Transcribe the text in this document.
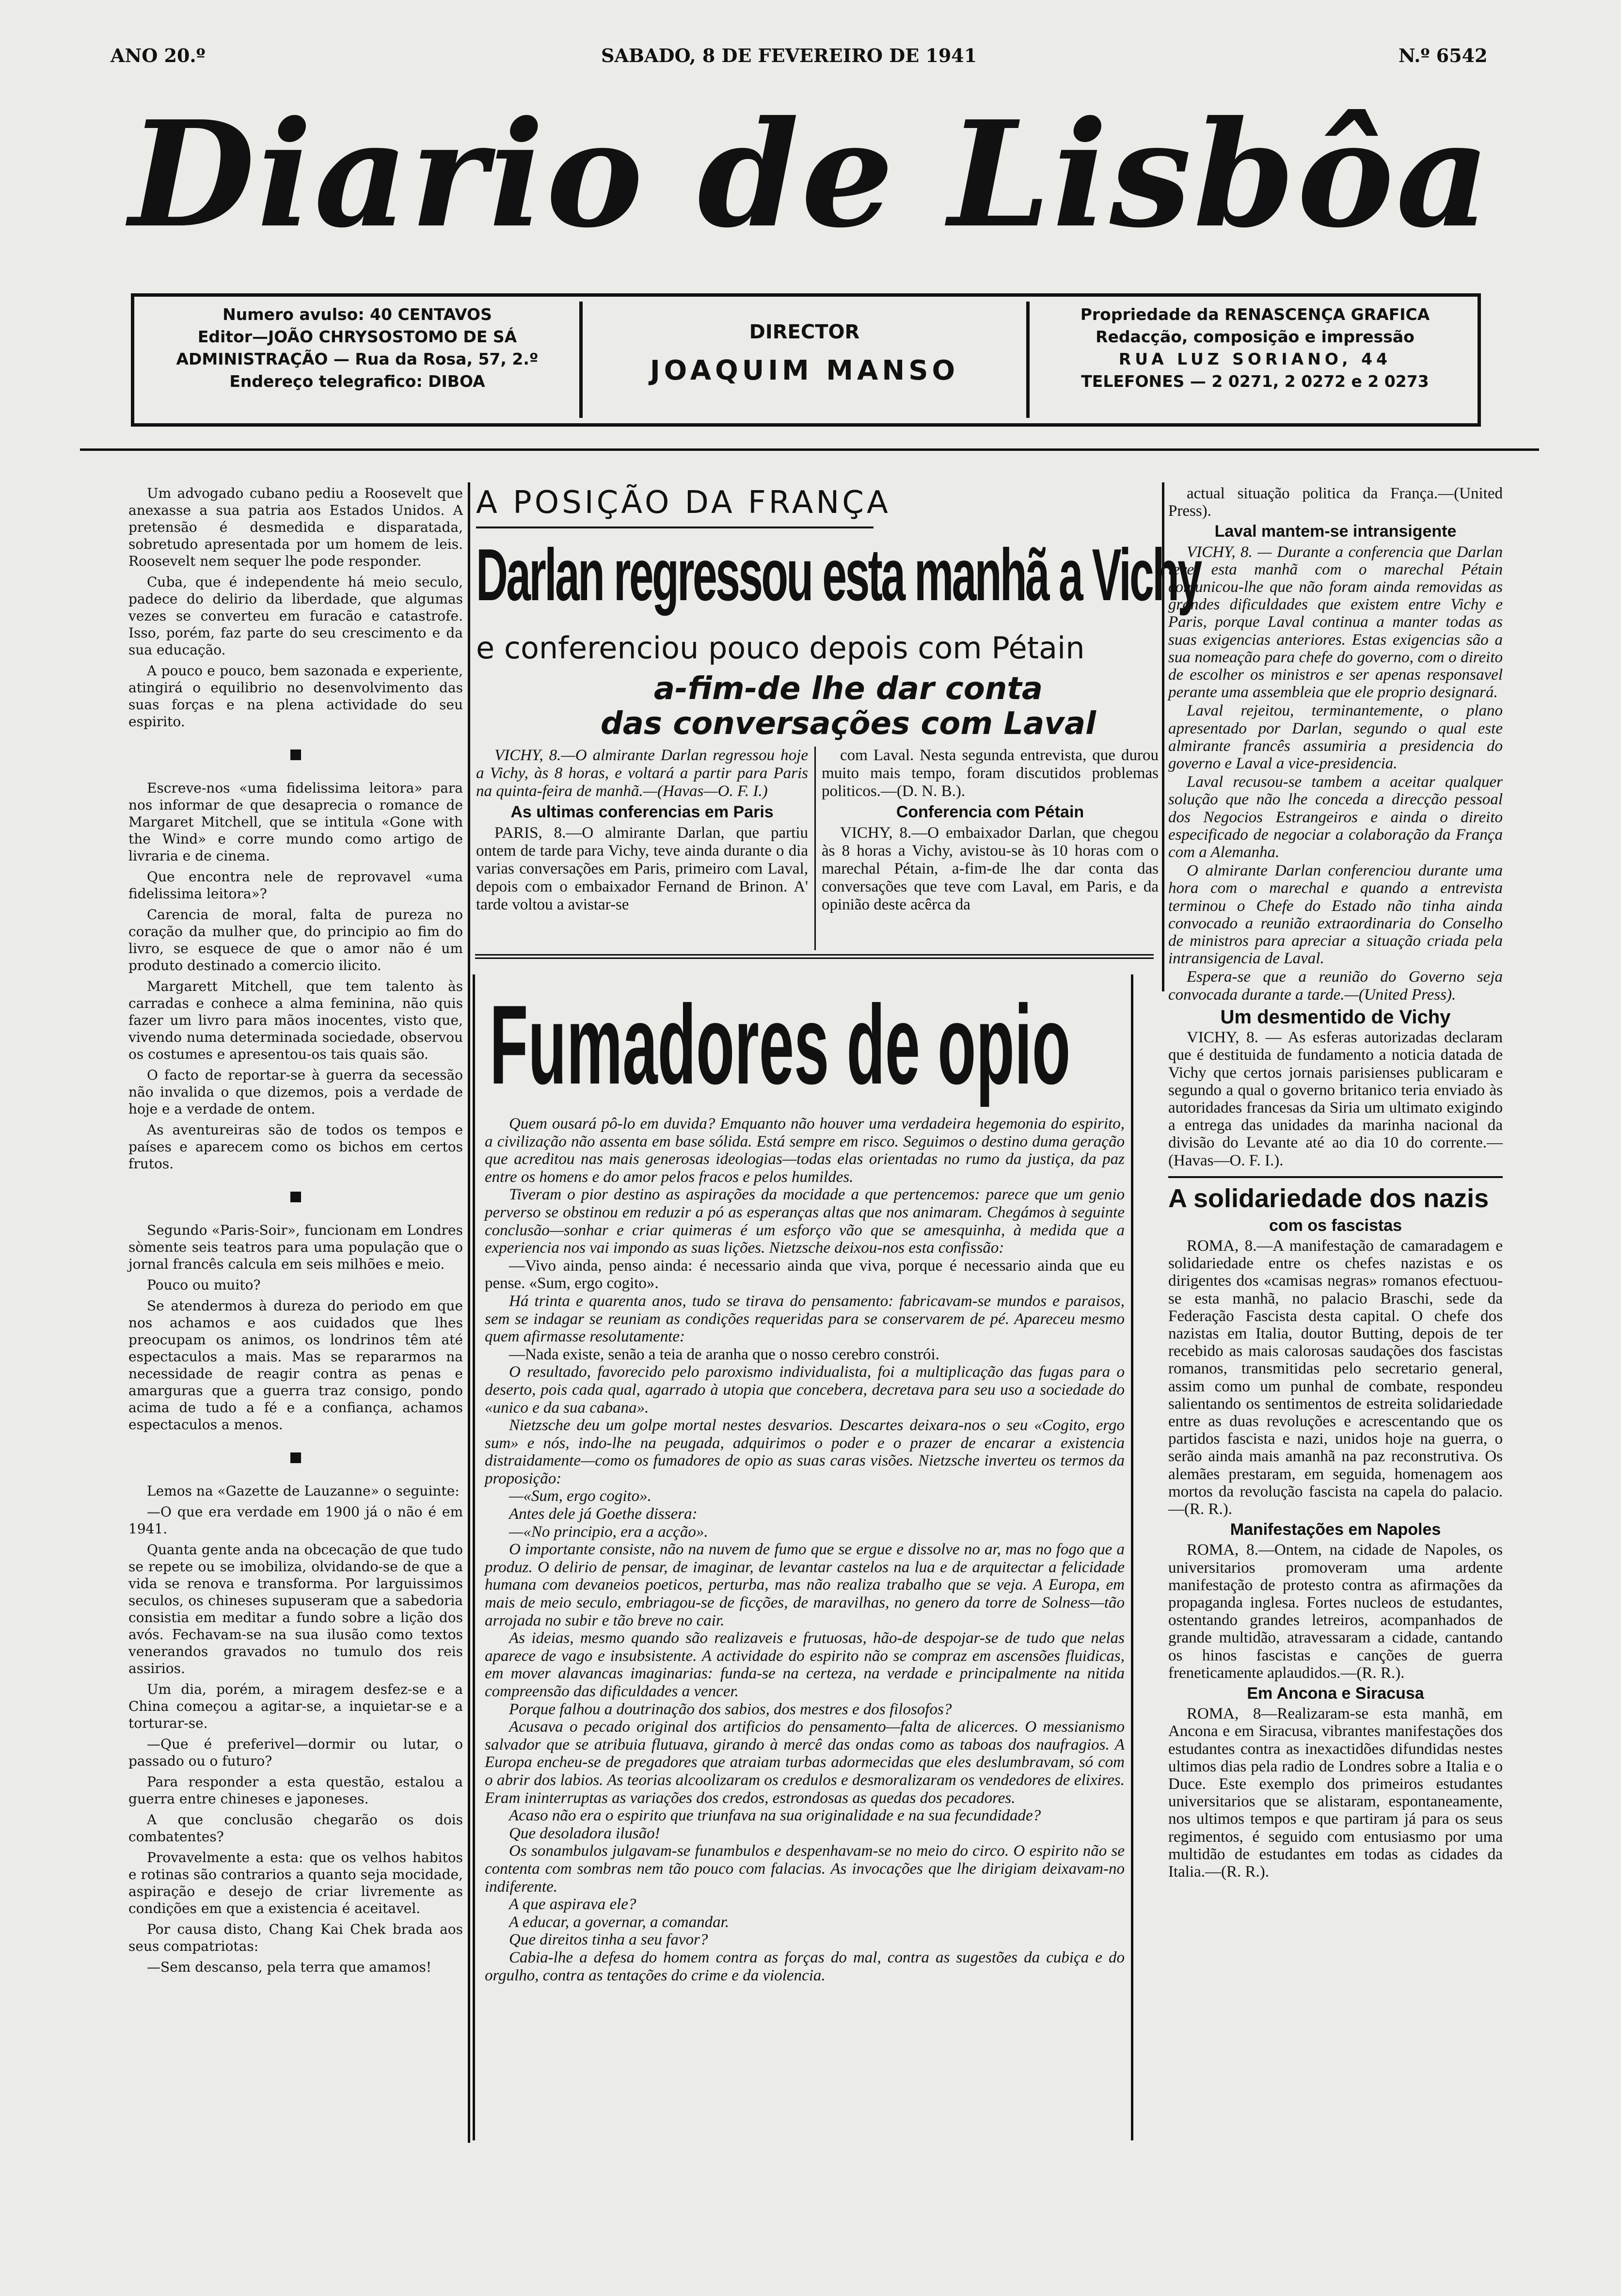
ANO 20.º	SABADO, 8 DE FEVEREIRO DE 1941	N.º 6542
Diario de Lisbôa
Numero avulso: 40 CENTAVOS
Editor—JOÃO CHRYSOSTOMO DE SÁ
ADMINISTRAÇÃO — Rua da Rosa, 57, 2.º
Endereço telegrafico: DIBOA
DIRECTOR
JOAQUIM MANSO
Propriedade da RENASCENÇA GRAFICA
Redacção, composição e impressão
RUA LUZ SORIANO, 44
TELEFONES — 2 0271, 2 0272 e 2 0273

Um advogado cubano pediu a Roosevelt que anexasse a sua patria aos Estados Unidos. A pretensão é desmedida e disparatada, sobretudo apresentada por um homem de leis. Roosevelt nem sequer lhe pode responder.

Cuba, que é independente há meio seculo, padece do delirio da liberdade, que algumas vezes se converteu em furacão e catastrofe. Isso, porém, faz parte do seu crescimento e da sua educação.

A pouco e pouco, bem sazonada e experiente, atingirá o equilibrio no desenvolvimento das suas forças e na plena actividade do seu espirito.

Escreve-nos «uma fidelissima leitora» para nos informar de que desaprecia o romance de Margaret Mitchell, que se intitula «Gone with the Wind» e corre mundo como artigo de livraria e de cinema.

Que encontra nele de reprovavel «uma fidelissima leitora»?

Carencia de moral, falta de pureza no coração da mulher que, do principio ao fim do livro, se esquece de que o amor não é um produto destinado a comercio ilicito.

Margarett Mitchell, que tem talento às carradas e conhece a alma feminina, não quis fazer um livro para mãos inocentes, visto que, vivendo numa determinada sociedade, observou os costumes e apresentou-os tais quais são.

O facto de reportar-se à guerra da secessão não invalida o que dizemos, pois a verdade de hoje e a verdade de ontem.

As aventureiras são de todos os tempos e países e aparecem como os bichos em certos frutos.

Segundo «Paris-Soir», funcionam em Londres sòmente seis teatros para uma população que o jornal francês calcula em seis milhões e meio.

Pouco ou muito?

Se atendermos à dureza do periodo em que nos achamos e aos cuidados que lhes preocupam os animos, os londrinos têm até espectaculos a mais. Mas se repararmos na necessidade de reagir contra as penas e amarguras que a guerra traz consigo, pondo acima de tudo a fé e a confiança, achamos espectaculos a menos.

Lemos na «Gazette de Lauzanne» o seguinte:

—O que era verdade em 1900 já o não é em 1941.

Quanta gente anda na obcecação de que tudo se repete ou se imobiliza, olvidando-se de que a vida se renova e transforma. Por larguissimos seculos, os chineses supuseram que a sabedoria consistia em meditar a fundo sobre a lição dos avós. Fechavam-se na sua ilusão como textos venerandos gravados no tumulo dos reis assirios.

Um dia, porém, a miragem desfez-se e a China começou a agitar-se, a inquietar-se e a torturar-se.

—Que é preferivel—dormir ou lutar, o passado ou o futuro?

Para responder a esta questão, estalou a guerra entre chineses e japoneses.

A que conclusão chegarão os dois combatentes?

Provavelmente a esta: que os velhos habitos e rotinas são contrarios a quanto seja mocidade, aspiração e desejo de criar livremente as condições em que a existencia é aceitavel.

Por causa disto, Chang Kai Chek brada aos seus compatriotas:

—Sem descanso, pela terra que amamos!

A POSIÇÃO DA FRANÇA
Darlan regressou esta manhã a Vichy
e conferenciou pouco depois com Pétain
a-fim-de lhe dar conta
das conversações com Laval

VICHY, 8.—O almirante Darlan regressou hoje a Vichy, às 8 horas, e voltará a partir para Paris na quinta-feira de manhã.—(Havas—O. F. I.)

As ultimas conferencias em Paris

PARIS, 8.—O almirante Darlan, que partiu ontem de tarde para Vichy, teve ainda durante o dia varias conversações em Paris, primeiro com Laval, depois com o embaixador Fernand de Brinon. A' tarde voltou a avistar-se

com Laval. Nesta segunda entrevista, que durou muito mais tempo, foram discutidos problemas politicos.—(D. N. B.).

Conferencia com Pétain

VICHY, 8.—O embaixador Darlan, que chegou às 8 horas a Vichy, avistou-se às 10 horas com o marechal Pétain, a-fim-de lhe dar conta das conversações que teve com Laval, em Paris, e da opinião deste acêrca da

Fumadores de opio

Quem ousará pô-lo em duvida? Emquanto não houver uma verdadeira hegemonia do espirito, a civilização não assenta em base sólida. Está sempre em risco. Seguimos o destino duma geração que acreditou nas mais generosas ideologias—todas elas orientadas no rumo da justiça, da paz entre os homens e do amor pelos fracos e pelos humildes.

Tiveram o pior destino as aspirações da mocidade a que pertencemos: parece que um genio perverso se obstinou em reduzir a pó as esperanças altas que nos animaram. Chegámos à seguinte conclusão—sonhar e criar quimeras é um esforço vão que se amesquinha, à medida que a experiencia nos vai impondo as suas lições. Nietzsche deixou-nos esta confissão:

—Vivo ainda, penso ainda: é necessario ainda que viva, porque é necessario ainda que eu pense. «Sum, ergo cogito».

Há trinta e quarenta anos, tudo se tirava do pensamento: fabricavam-se mundos e paraisos, sem se indagar se reuniam as condições requeridas para se conservarem de pé. Apareceu mesmo quem afirmasse resolutamente:

—Nada existe, senão a teia de aranha que o nosso cerebro constrói.

O resultado, favorecido pelo paroxismo individualista, foi a multiplicação das fugas para o deserto, pois cada qual, agarrado à utopia que concebera, decretava para seu uso a sociedade do «unico e da sua cabana».

Nietzsche deu um golpe mortal nestes desvarios. Descartes deixara-nos o seu «Cogito, ergo sum» e nós, indo-lhe na peugada, adquirimos o poder e o prazer de encarar a existencia distraidamente—como os fumadores de opio as suas caras visões. Nietzsche inverteu os termos da proposição:

—«Sum, ergo cogito».

Antes dele já Goethe dissera:

—«No principio, era a acção».

O importante consiste, não na nuvem de fumo que se ergue e dissolve no ar, mas no fogo que a produz. O delirio de pensar, de imaginar, de levantar castelos na lua e de arquitectar a felicidade humana com devaneios poeticos, perturba, mas não realiza trabalho que se veja. A Europa, em mais de meio seculo, embriagou-se de ficções, de maravilhas, no genero da torre de Solness—tão arrojada no subir e tão breve no cair.

As ideias, mesmo quando são realizaveis e frutuosas, hão-de despojar-se de tudo que nelas aparece de vago e insubsistente. A actividade do espirito não se compraz em ascensões fluidicas, em mover alavancas imaginarias: funda-se na certeza, na verdade e principalmente na nitida compreensão das dificuldades a vencer.

Porque falhou a doutrinação dos sabios, dos mestres e dos filosofos?

Acusava o pecado original dos artificios do pensamento—falta de alicerces. O messianismo salvador que se atribuia flutuava, girando à mercê das ondas como as taboas dos naufragios. A Europa encheu-se de pregadores que atraiam turbas adormecidas que eles deslumbravam, só com o abrir dos labios. As teorias alcoolizaram os credulos e desmoralizaram os vendedores de elixires. Eram ininterruptas as variações dos credos, estrondosas as quedas dos pecadores.

Acaso não era o espirito que triunfava na sua originalidade e na sua fecundidade?

Que desoladora ilusão!

Os sonambulos julgavam-se funambulos e despenhavam-se no meio do circo. O espirito não se contenta com sombras nem tão pouco com falacias. As invocações que lhe dirigiam deixavam-no indiferente.

A que aspirava ele?

A educar, a governar, a comandar.

Que direitos tinha a seu favor?

Cabia-lhe a defesa do homem contra as forças do mal, contra as sugestões da cubiça e do orgulho, contra as tentações do crime e da violencia.

actual situação politica da França.—(United Press).

Laval mantem-se intransigente

VICHY, 8. — Durante a conferencia que Darlan teve esta manhã com o marechal Pétain comunicou-lhe que não foram ainda removidas as grandes dificuldades que existem entre Vichy e Paris, porque Laval continua a manter todas as suas exigencias anteriores. Estas exigencias são a sua nomeação para chefe do governo, com o direito de escolher os ministros e ser apenas responsavel perante uma assembleia que ele proprio designará.

Laval rejeitou, terminantemente, o plano apresentado por Darlan, segundo o qual este almirante francês assumiria a presidencia do governo e Laval a vice-presidencia.

Laval recusou-se tambem a aceitar qualquer solução que não lhe conceda a direcção pessoal dos Negocios Estrangeiros e ainda o direito especificado de negociar a colaboração da França com a Alemanha.

O almirante Darlan conferenciou durante uma hora com o marechal e quando a entrevista terminou o Chefe do Estado não tinha ainda convocado a reunião extraordinaria do Conselho de ministros para apreciar a situação criada pela intransigencia de Laval.

Espera-se que a reunião do Governo seja convocada durante a tarde.—(United Press).

Um desmentido de Vichy

VICHY, 8. — As esferas autorizadas declaram que é destituida de fundamento a noticia datada de Vichy que certos jornais parisienses publicaram e segundo a qual o governo britanico teria enviado às autoridades francesas da Siria um ultimato exigindo a entrega das unidades da marinha nacional da divisão do Levante até ao dia 10 do corrente.—(Havas—O. F. I.).

A solidariedade dos nazis
com os fascistas

ROMA, 8.—A manifestação de camaradagem e solidariedade entre os chefes nazistas e os dirigentes dos «camisas negras» romanos efectuou-se esta manhã, no palacio Braschi, sede da Federação Fascista desta capital. O chefe dos nazistas em Italia, doutor Butting, depois de ter recebido as mais calorosas saudações dos fascistas romanos, transmitidas pelo secretario general, assim como um punhal de combate, respondeu salientando os sentimentos de estreita solidariedade entre as duas revoluções e acrescentando que os partidos fascista e nazi, unidos hoje na guerra, o serão ainda mais amanhã na paz reconstrutiva. Os alemães prestaram, em seguida, homenagem aos mortos da revolução fascista na capela do palacio.—(R. R.).

Manifestações em Napoles

ROMA, 8.—Ontem, na cidade de Napoles, os universitarios promoveram uma ardente manifestação de protesto contra as afirmações da propaganda inglesa. Fortes nucleos de estudantes, ostentando grandes letreiros, acompanhados de grande multidão, atravessaram a cidade, cantando os hinos fascistas e canções de guerra freneticamente aplaudidos.—(R. R.).

Em Ancona e Siracusa

ROMA, 8—Realizaram-se esta manhã, em Ancona e em Siracusa, vibrantes manifestações dos estudantes contra as inexactidões difundidas nestes ultimos dias pela radio de Londres sobre a Italia e o Duce. Este exemplo dos primeiros estudantes universitarios que se alistaram, espontaneamente, nos ultimos tempos e que partiram já para os seus regimentos, é seguido com entusiasmo por uma multidão de estudantes em todas as cidades da Italia.—(R. R.).
